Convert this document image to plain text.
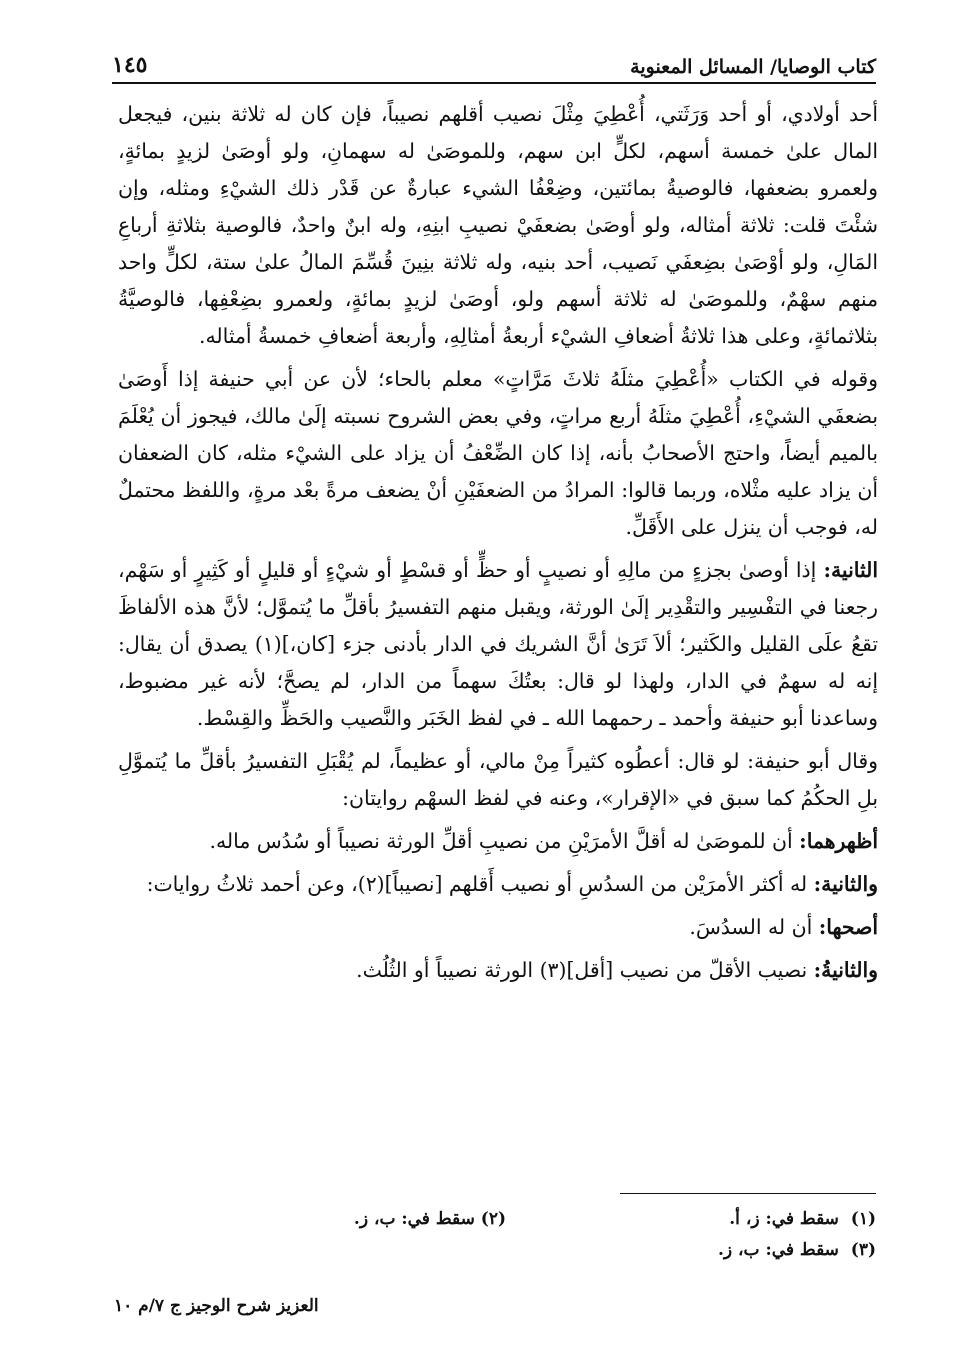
كتاب الوصايا/ المسائل المعنوية
١٤٥

أحد أولادي، أو أحد وَرَثَتي، أُعْطِيَ مِثْلَ نصيب أقلهم نصيباً، فإن كان له ثلاثة بنين، فيجعل المال علىٰ خمسة أسهم، لكلٍّ ابن سهم، وللموصَىٰ له سهمانِ، ولو أوصَىٰ لزيدٍ بمائةٍ، ولعمرو بضعفها، فالوصيةُ بمائتين، وضِعْفُا الشيء عبارةٌ عن قَدْر ذلك الشيْءِ ومثله، وإن شئْتَ قلت: ثلاثة أمثاله، ولو أوصَىٰ بضعفَيْ نصيبِ ابنِهِ، وله ابنٌ واحدٌ، فالوصية بثلاثةِ أرباعِ المَالِ، ولو أوْصَىٰ بضِعفَي نَصيب، أحد بنيه، وله ثلاثة بنِينَ قُسِّمَ المالُ علىٰ ستة، لكلٍّ واحد منهم سهْمٌ، وللموصَىٰ له ثلاثة أسهم ولو، أوصَىٰ لزيدٍ بمائةٍ، ولعمرو بضِعْفِها، فالوصيَّةُ بثلاثمائةٍ، وعلى هذا ثلاثةُ أضعافِ الشيْء أربعةُ أمثالِهِ، وأربعة أضعافِ خمسةُ أمثاله.

وقوله في الكتاب «أُعْطِيَ مثلَهُ ثلاثَ مَرَّاتٍ» معلم بالحاء؛ لأن عن أبي حنيفة إذا أَوصَىٰ بضعفَي الشيْءِ، أُعْطِيَ مثلَهُ أربع مراتٍ، وفي بعض الشروح نسبته إلَىٰ مالك، فيجوز أن يُعْلَمَ بالميم أيضاً، واحتج الأصحابُ بأنه، إذا كان الضِّعْفُ أن يزاد على الشيْء مثله، كان الضعفان أن يزاد عليه مثْلاه، وربما قالوا: المرادُ من الضعفَيْنِ أنْ يضعف مرةً بعْد مرةٍ، واللفظ محتملٌ له، فوجب أن ينزل على الأَقَلِّ.

الثانية: إذا أوصىٰ بجزءٍ من مالِهِ أو نصيبٍ أو حظٍّ أو قسْطٍ أو شيْءٍ أو قليلٍ أو كَثِيرٍ أو سَهْم، رجعنا في التفْسِير والتقْدِير إلَىٰ الورثة، ويقبل منهم التفسيرُ بأقلِّ ما يُتموَّل؛ لأنَّ هذه الألفاظَ تقعُ علَى القليل والكَثير؛ ألاَ تَرَىٰ أنَّ الشريك في الدار بأدنى جزء [كان،](١) يصدق أن يقال: إنه له سهمٌ في الدار، ولهذا لو قال: بعتُكَ سهماً من الدار، لم يصحَّ؛ لأنه غير مضبوط، وساعدنا أبو حنيفة وأحمد ـ رحمهما الله ـ في لفظ الخَبَر والنَّصيب والحَظِّ والقِسْط.

وقال أبو حنيفة: لو قال: أعطُوه كثيراً مِنْ مالي، أو عظيماً، لم يُقْبَلِ التفسيرُ بأقلِّ ما يُتموَّلِ بلِ الحكُمُ كما سبق في «الإقرار»، وعنه في لفظ السهْم روايتان:

أظهرهما: أن للموصَىٰ له أقلَّ الأمرَيْنِ من نصيبِ أقلِّ الورثة نصيباً أو سُدُس ماله.

والثانية: له أكثر الأمرَيْن من السدُسِ أو نصيب أَقلهم [نصيباً](٢)، وعن أحمد ثلاثُ روايات:

أصحها: أن له السدُسَ.

والثانيةُ: نصيب الأقلّ من نصيب [أقل](٣) الورثة نصيباً أو الثُلُث.

(١)  سقط في: ز، أ.
(٢) سقط في: ب، ز.
(٣)  سقط في: ب، ز.
العزيز شرح الوجيز ج ٧/م ١٠
